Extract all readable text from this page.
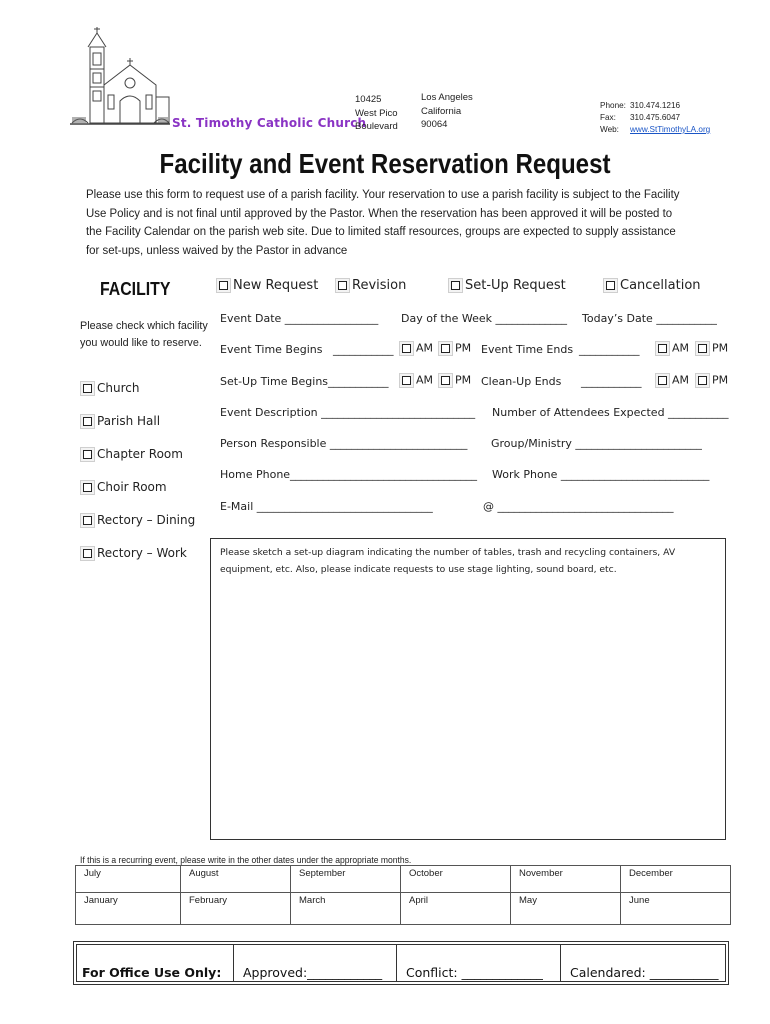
St. Timothy Catholic Church
10425
West Pico
Boulevard
Los Angeles
California
90064
Phone: 310.474.1216
Fax: 310.475.6047
Web: www.StTimothyLA.org
Facility and Event Reservation Request
Please use this form to request use of a parish facility. Your reservation to use a parish facility is subject to the Facility Use Policy and is not final until approved by the Pastor. When the reservation has been approved it will be posted to the Facility Calendar on the parish web site. Due to limited staff resources, groups are expected to supply assistance for set-ups, unless waived by the Pastor in advance
FACILITY	New Request	Revision	Set-Up Request	Cancellation
Please check which facility you would like to reserve.
Church
Parish Hall
Chapter Room
Choir Room
Rectory – Dining
Rectory – Work
Event Date _________________ Day of the Week _____________ Today’s Date ___________
Event Time Begins   ___________	AM	PM Event Time Ends ___________	AM	PM
Set-Up Time Begins___________	AM	PM Clean-Up Ends ___________	AM	PM
Event Description ____________________________ Number of Attendees Expected ___________
Person Responsible _________________________ Group/Ministry _______________________
Home Phone__________________________________ Work Phone ___________________________
E-Mail ________________________________	@ ________________________________
Please sketch a set-up diagram indicating the number of tables, trash and recycling containers, AV equipment, etc. Also, please indicate requests to use stage lighting, sound board, etc.
If this is a recurring event, please write in the other dates under the appropriate months.
July	August	September	October	November	December
January	February	March	April	May	June
For Office Use Only: Approved:____________ Conflict: _____________ Calendared: ___________
